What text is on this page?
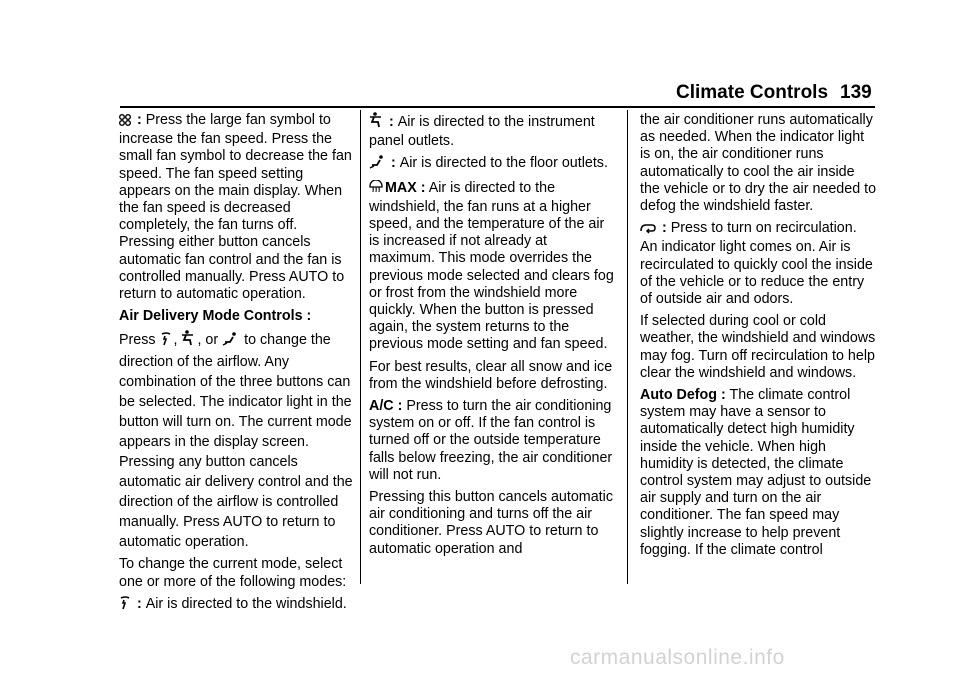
Climate Controls 139

: Press the large fan symbol to increase the fan speed. Press the small fan symbol to decrease the fan speed. The fan speed setting appears on the main display. When the fan speed is decreased completely, the fan turns off. Pressing either button cancels automatic fan control and the fan is controlled manually. Press AUTO to return to automatic operation.

Air Delivery Mode Controls :

Press , , or  to change the direction of the airflow. Any combination of the three buttons can be selected. The indicator light in the button will turn on. The current mode appears in the display screen. Pressing any button cancels automatic air delivery control and the direction of the airflow is controlled manually. Press AUTO to return to automatic operation.

To change the current mode, select one or more of the following modes:

: Air is directed to the windshield.

: Air is directed to the instrument panel outlets.

: Air is directed to the floor outlets.

MAX : Air is directed to the windshield, the fan runs at a higher speed, and the temperature of the air is increased if not already at maximum. This mode overrides the previous mode selected and clears fog or frost from the windshield more quickly. When the button is pressed again, the system returns to the previous mode setting and fan speed.

For best results, clear all snow and ice from the windshield before defrosting.

A/C : Press to turn the air conditioning system on or off. If the fan control is turned off or the outside temperature falls below freezing, the air conditioner will not run.

Pressing this button cancels automatic air conditioning and turns off the air conditioner. Press AUTO to return to automatic operation and

the air conditioner runs automatically as needed. When the indicator light is on, the air conditioner runs automatically to cool the air inside the vehicle or to dry the air needed to defog the windshield faster.

: Press to turn on recirculation. An indicator light comes on. Air is recirculated to quickly cool the inside of the vehicle or to reduce the entry of outside air and odors.

If selected during cool or cold weather, the windshield and windows may fog. Turn off recirculation to help clear the windshield and windows.

Auto Defog : The climate control system may have a sensor to automatically detect high humidity inside the vehicle. When high humidity is detected, the climate control system may adjust to outside air supply and turn on the air conditioner. The fan speed may slightly increase to help prevent fogging. If the climate control

carmanualsonline.info
